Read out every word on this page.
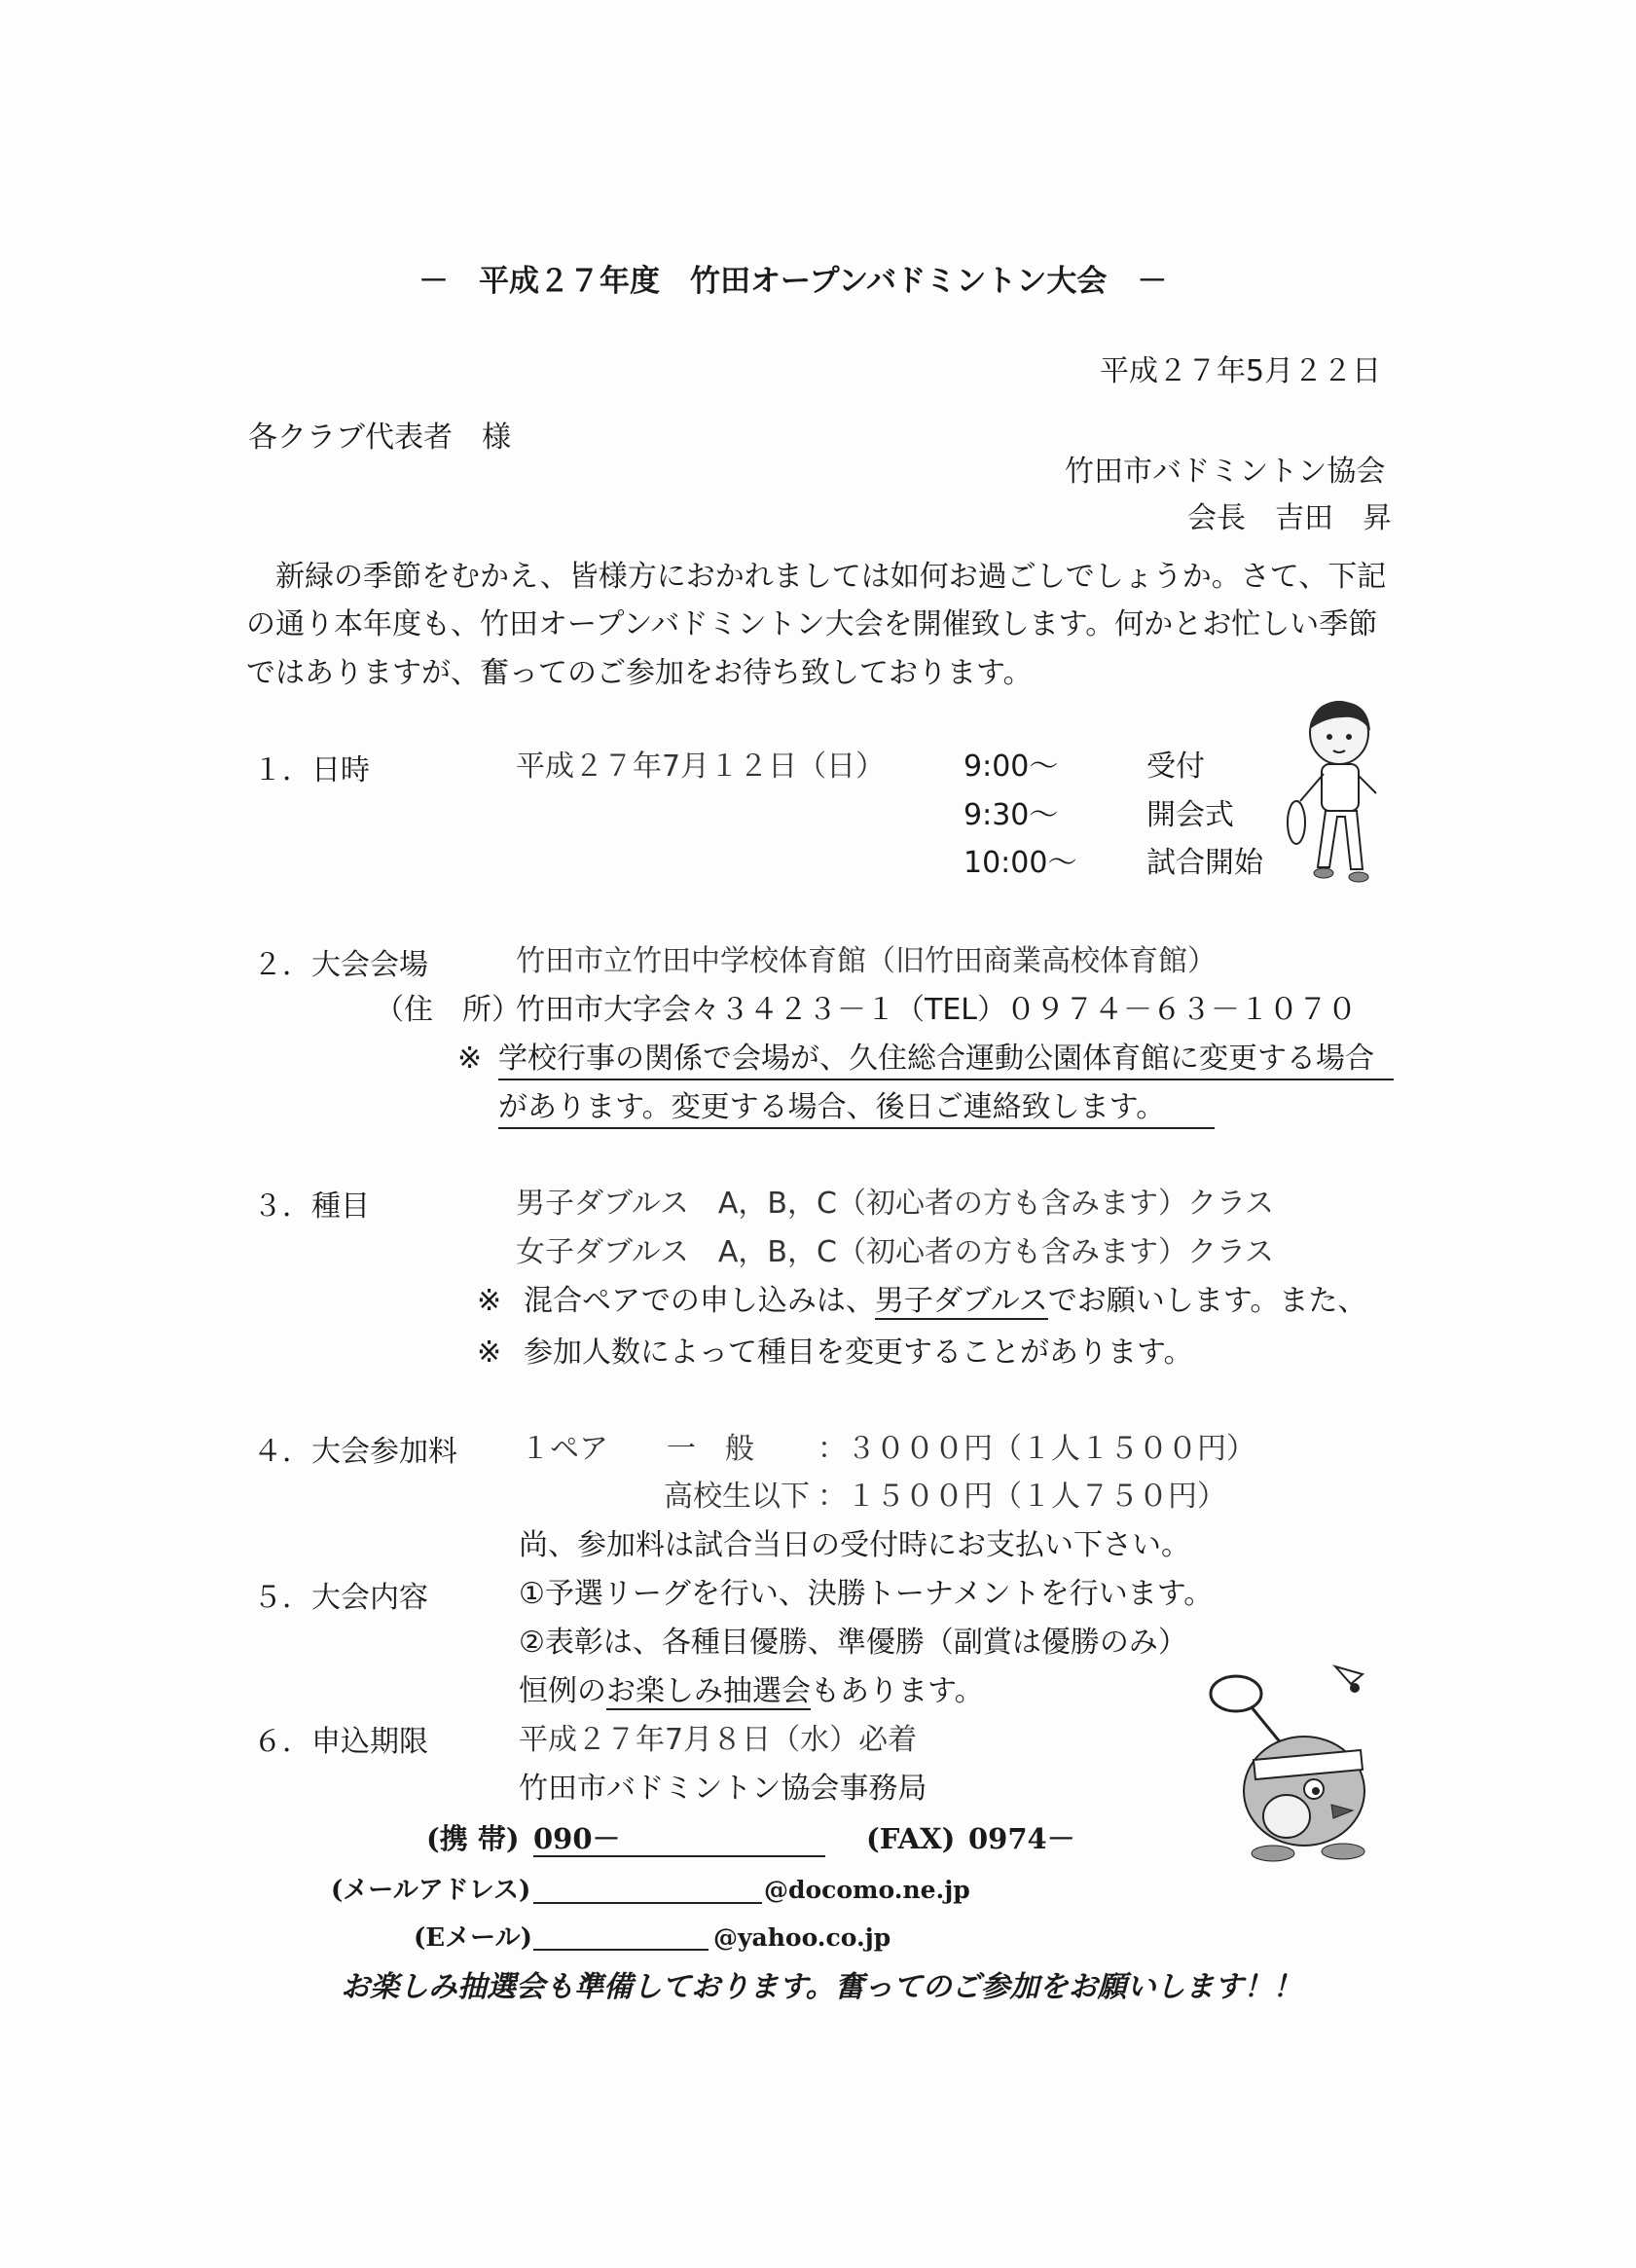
－　平成２７年度　竹田オープンバドミントン大会　－
平成２７年5月２２日
各クラブ代表者　様
竹田市バドミントン協会
会長　吉田　昇
新緑の季節をむかえ、皆様方におかれましては如何お過ごしでしょうか。さて、下記
の通り本年度も、竹田オープンバドミントン大会を開催致します。何かとお忙しい季節
ではありますが、奮ってのご参加をお待ち致しております。
１．日時	平成２７年7月１２日（日）	9:00～	受付
9:30～	開会式
10:00～ 試合開始
２．大会会場	竹田市立竹田中学校体育館（旧竹田商業高校体育館）
（住　所）
竹田市大字会々３４２３－１（TEL）０９７４－６３－１０７０
※ 学校行事の関係で会場が、久住総合運動公園体育館に変更する場合
があります。変更する場合、後日ご連絡致します。
３．種目	男子ダブルス　A，B，C（初心者の方も含みます）クラス
女子ダブルス　A，B，C（初心者の方も含みます）クラス
※ 混合ペアでの申し込みは、男子ダブルスでお願いします。また、
※ 参加人数によって種目を変更することがあります。
４．大会参加料 １ペア 一　般 ：３０００円（１人１５００円）
高校生以下 ：１５００円（１人７５０円）
尚、参加料は試合当日の受付時にお支払い下さい。
５．大会内容	①予選リーグを行い、決勝トーナメントを行います。
②表彰は、各種目優勝、準優勝（副賞は優勝のみ）
恒例のお楽しみ抽選会もあります。
６．申込期限	平成２７年7月８日（水）必着
竹田市バドミントン協会事務局
(携 帯) 090－	(FAX) 0974－
(メールアドレス)	@docomo.ne.jp
(Eメール)	@yahoo.co.jp
お楽しみ抽選会も準備しております。奮ってのご参加をお願いします！！
